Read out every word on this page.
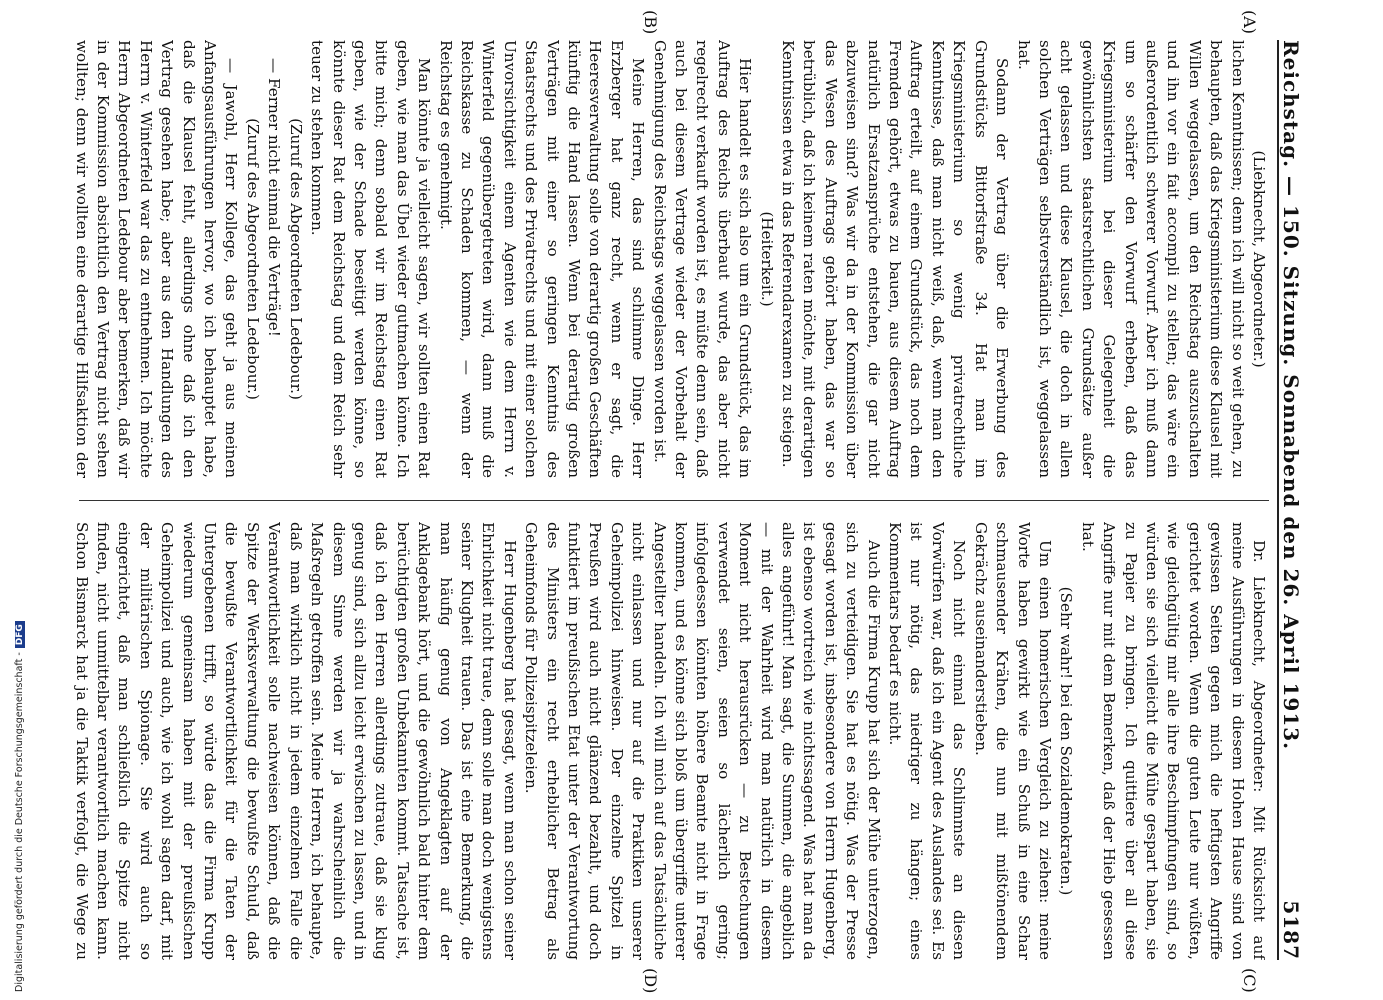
Reichstag. — 150. Sitzung. Sonnabend den 26. April 1913.
5187
(A)
(B)
(C)
(D)

(Liebknecht, Abgeordneter.)

lichen Kenntnissen; denn ich will nicht so weit gehen, zu behaupten, daß das Kriegsministerium diese Klausel mit Willen weggelassen, um den Reichstag auszuschalten und ihn vor ein fait accompli zu stellen; das wäre ein außerordentlich schwerer Vorwurf. Aber ich muß dann um so schärfer den Vorwurf erheben, daß das Kriegsministerium bei dieser Gelegenheit die gewöhnlichsten staatsrechtlichen Grundsätze außer acht gelassen und diese Klausel, die doch in allen solchen Verträgen selbstverständlich ist, weggelassen hat.

Sodann der Vertrag über die Erwerbung des Grundstücks Bittorfstraße 34. Hat man im Kriegsministerium so wenig privatrechtliche Kenntnisse, daß man nicht weiß, daß, wenn man den Auftrag erteilt, auf einem Grundstück, das noch dem Fremden gehört, etwas zu bauen, aus diesem Auftrag natürlich Ersatzansprüche entstehen, die gar nicht abzuweisen sind? Was wir da in der Kommission über das Wesen des Auftrags gehört haben, das war so betrüblich, daß ich keinem raten möchte, mit derartigen Kenntnissen etwa in das Referendarexamen zu steigen.

(Heiterkeit.)

Hier handelt es sich also um ein Grundstück, das im Auftrag des Reichs überbaut wurde, das aber nicht regelrecht verkauft worden ist, es müßte denn sein, daß auch bei diesem Vertrage wieder der Vorbehalt der Genehmigung des Reichstags weggelassen worden ist.

Meine Herren, das sind schlimme Dinge. Herr Erzberger hat ganz recht, wenn er sagt, die Heeresverwaltung solle von derartig großen Geschäften künftig die Hand lassen. Wenn bei derartig großen Verträgen mit einer so geringen Kenntnis des Staatsrechts und des Privatrechts und mit einer solchen Unvorsichtigkeit einem Agenten wie dem Herrn v. Winterfeld gegenübergetreten wird, dann muß die Reichskasse zu Schaden kommen, — wenn der Reichstag es genehmigt.

Man könnte ja vielleicht sagen, wir sollten einen Rat geben, wie man das Übel wieder gutmachen könne. Ich bitte mich; denn sobald wir im Reichstag einen Rat geben, wie der Schade beseitigt werden könne, so könnte dieser Rat dem Reichstag und dem Reich sehr teuer zu stehen kommen.

(Zuruf des Abgeordneten Ledebour.)

— Ferner nicht einmal die Verträge!

(Zuruf des Abgeordneten Ledebour.)

— Jawohl, Herr Kollege, das geht ja aus meinen Anfangsausführungen hervor, wo ich behauptet habe, daß die Klausel fehlt, allerdings ohne daß ich den Vertrag gesehen habe; aber aus den Handlungen des Herrn v. Winterfeld war das zu entnehmen. Ich möchte Herrn Abgeordneten Ledebour aber bemerken, daß wir in der Kommission absichtlich den Vertrag nicht sehen wollten; denn wir wollten eine derartige Hilfsaktion der

Dr. Liebknecht, Abgeordneter: Mit Rücksicht auf meine Ausführungen in diesem Hohen Hause sind von gewissen Seiten gegen mich die heftigsten Angriffe gerichtet worden. Wenn die guten Leute nur wüßten, wie gleichgültig mir alle ihre Beschimpfungen sind, so würden sie sich vielleicht die Mühe gespart haben, sie zu Papier zu bringen. Ich quittiere über all diese Angriffe nur mit dem Bemerken, daß der Hieb gesessen hat.

(Sehr wahr! bei den Sozialdemokraten.)

Um einen homerischen Vergleich zu ziehen: meine Worte haben gewirkt wie ein Schuß in eine Schar schmausender Krähen, die nun mit mißtönendem Gekrächz auseinanderstieben.

Noch nicht einmal das Schlimmste an diesen Vorwürfen war, daß ich ein Agent des Auslandes sei. Es ist nur nötig, das niedriger zu hängen; eines Kommentars bedarf es nicht.

Auch die Firma Krupp hat sich der Mühe unterzogen, sich zu verteidigen. Sie hat es nötig. Was der Presse gesagt worden ist, insbesondere von Herrn Hugenberg, ist ebenso wortreich wie nichtssagend. Was hat man da alles angeführt! Man sagt, die Summen, die angeblich — mit der Wahrheit wird man natürlich in diesem Moment nicht herausrücken — zu Bestechungen verwendet seien, seien so lächerlich gering; infolgedessen könnten höhere Beamte nicht in Frage kommen, und es könne sich bloß um übergriffe unterer Angestellter handeln. Ich will mich auf das Tatsächliche nicht einlassen und nur auf die Praktiken unserer Geheimpolizei hinweisen. Der einzelne Spitzel in Preußen wird auch nicht glänzend bezahlt, und doch funktiert im preußischen Etat unter der Verantwortung des Ministers ein recht erheblicher Betrag als Geheimfonds für Polizeispitzeleien.

Herr Hugenberg hat gesagt, wenn man schon seiner Ehrlichkeit nicht traue, denn solle man doch wenigstens seiner Klugheit trauen. Das ist eine Bemerkung, die man häufig genug von Angeklagten auf der Anklagebank hört, und die gewöhnlich bald hinter dem berüchtigten großen Unbekannten kommt. Tatsache ist, daß ich den Herren allerdings zutraue, daß sie klug genug sind, sich allzu leicht erwischen zu lassen, und in diesem Sinne werden wir ja wahrscheinlich die Maßregeln getroffen sein. Meine Herren, ich behaupte, daß man wirklich nicht in jedem einzelnen Falle die Verantwortlichkeit solle nachweisen können, daß die Spitze der Werksverwaltung die bewußte Schuld, daß die bewußte Verantwortlichkeit für die Taten der Untergebenen trifft, so würde das die Firma Krupp wiederum gemeinsam haben mit der preußischen Geheimpolizei und auch, wie ich wohl sagen darf, mit der militärischen Spionage. Sie wird auch so eingerichtet, daß man schließlich die Spitze nicht finden, nicht unmittelbar verantwortlich machen kann. Schon Bismarck hat ja die Taktik verfolgt, die Wege zu

Digitalisierung gefördert durch die Deutsche Forschungsgemeinschaft -DFG
